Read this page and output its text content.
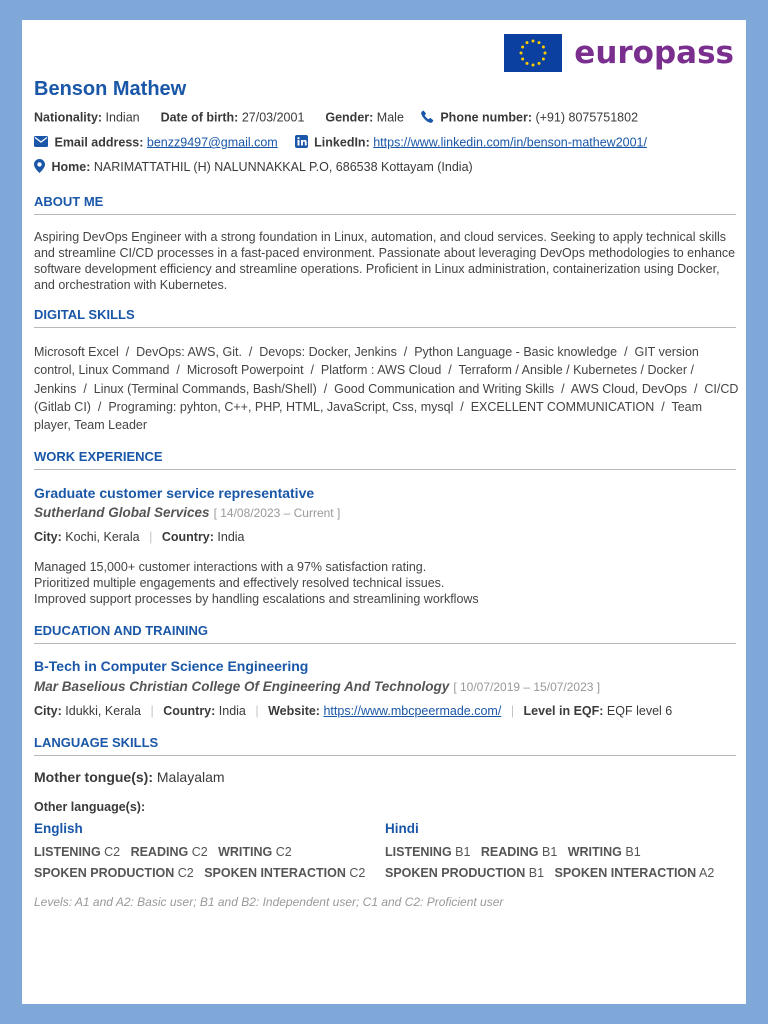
europass
Benson Mathew
Nationality: Indian Date of birth: 27/03/2001 Gender: Male	Phone number: (+91) 8075751802
Email address: benzz9497@gmail.com	LinkedIn: https://www.linkedin.com/in/benson-mathew2001/
Home: NARIMATTATHIL (H) NALUNNAKKAL P.O, 686538 Kottayam (India)
ABOUT ME
Aspiring DevOps Engineer with a strong foundation in Linux, automation, and cloud services. Seeking to apply technical skills and streamline CI/CD processes in a fast-paced environment. Passionate about leveraging DevOps methodologies to enhance software development efficiency and streamline operations. Proficient in Linux administration, containerization using Docker, and orchestration with Kubernetes.
DIGITAL SKILLS
Microsoft Excel  /  DevOps: AWS, Git.  /  Devops: Docker, Jenkins  /  Python Language - Basic knowledge  /  GIT version control, Linux Command  /  Microsoft Powerpoint  /  Platform : AWS Cloud  /  Terraform / Ansible / Kubernetes / Docker / Jenkins  /  Linux (Terminal Commands, Bash/Shell)  /  Good Communication and Writing Skills  /  AWS Cloud, DevOps  /  CI/CD (Gitlab CI)  /  Programing: pyhton, C++, PHP, HTML, JavaScript, Css, mysql  /  EXCELLENT COMMUNICATION  /  Team player, Team Leader
WORK EXPERIENCE
Graduate customer service representative
Sutherland Global Services [ 14/08/2023 – Current ]
City: Kochi, Kerala | Country: India
Managed 15,000+ customer interactions with a 97% satisfaction rating.
Prioritized multiple engagements and effectively resolved technical issues.
Improved support processes by handling escalations and streamlining workflows
EDUCATION AND TRAINING
B-Tech in Computer Science Engineering
Mar Baselious Christian College Of Engineering And Technology [ 10/07/2019 – 15/07/2023 ]
City: Idukki, Kerala | Country: India | Website: https://www.mbcpeermade.com/ | Level in EQF: EQF level 6
LANGUAGE SKILLS
Mother tongue(s): Malayalam
Other language(s):
English
LISTENING C2 READING C2 WRITING C2
SPOKEN PRODUCTION C2 SPOKEN INTERACTION C2
Hindi
LISTENING B1 READING B1 WRITING B1
SPOKEN PRODUCTION B1 SPOKEN INTERACTION A2
Levels: A1 and A2: Basic user; B1 and B2: Independent user; C1 and C2: Proficient user
